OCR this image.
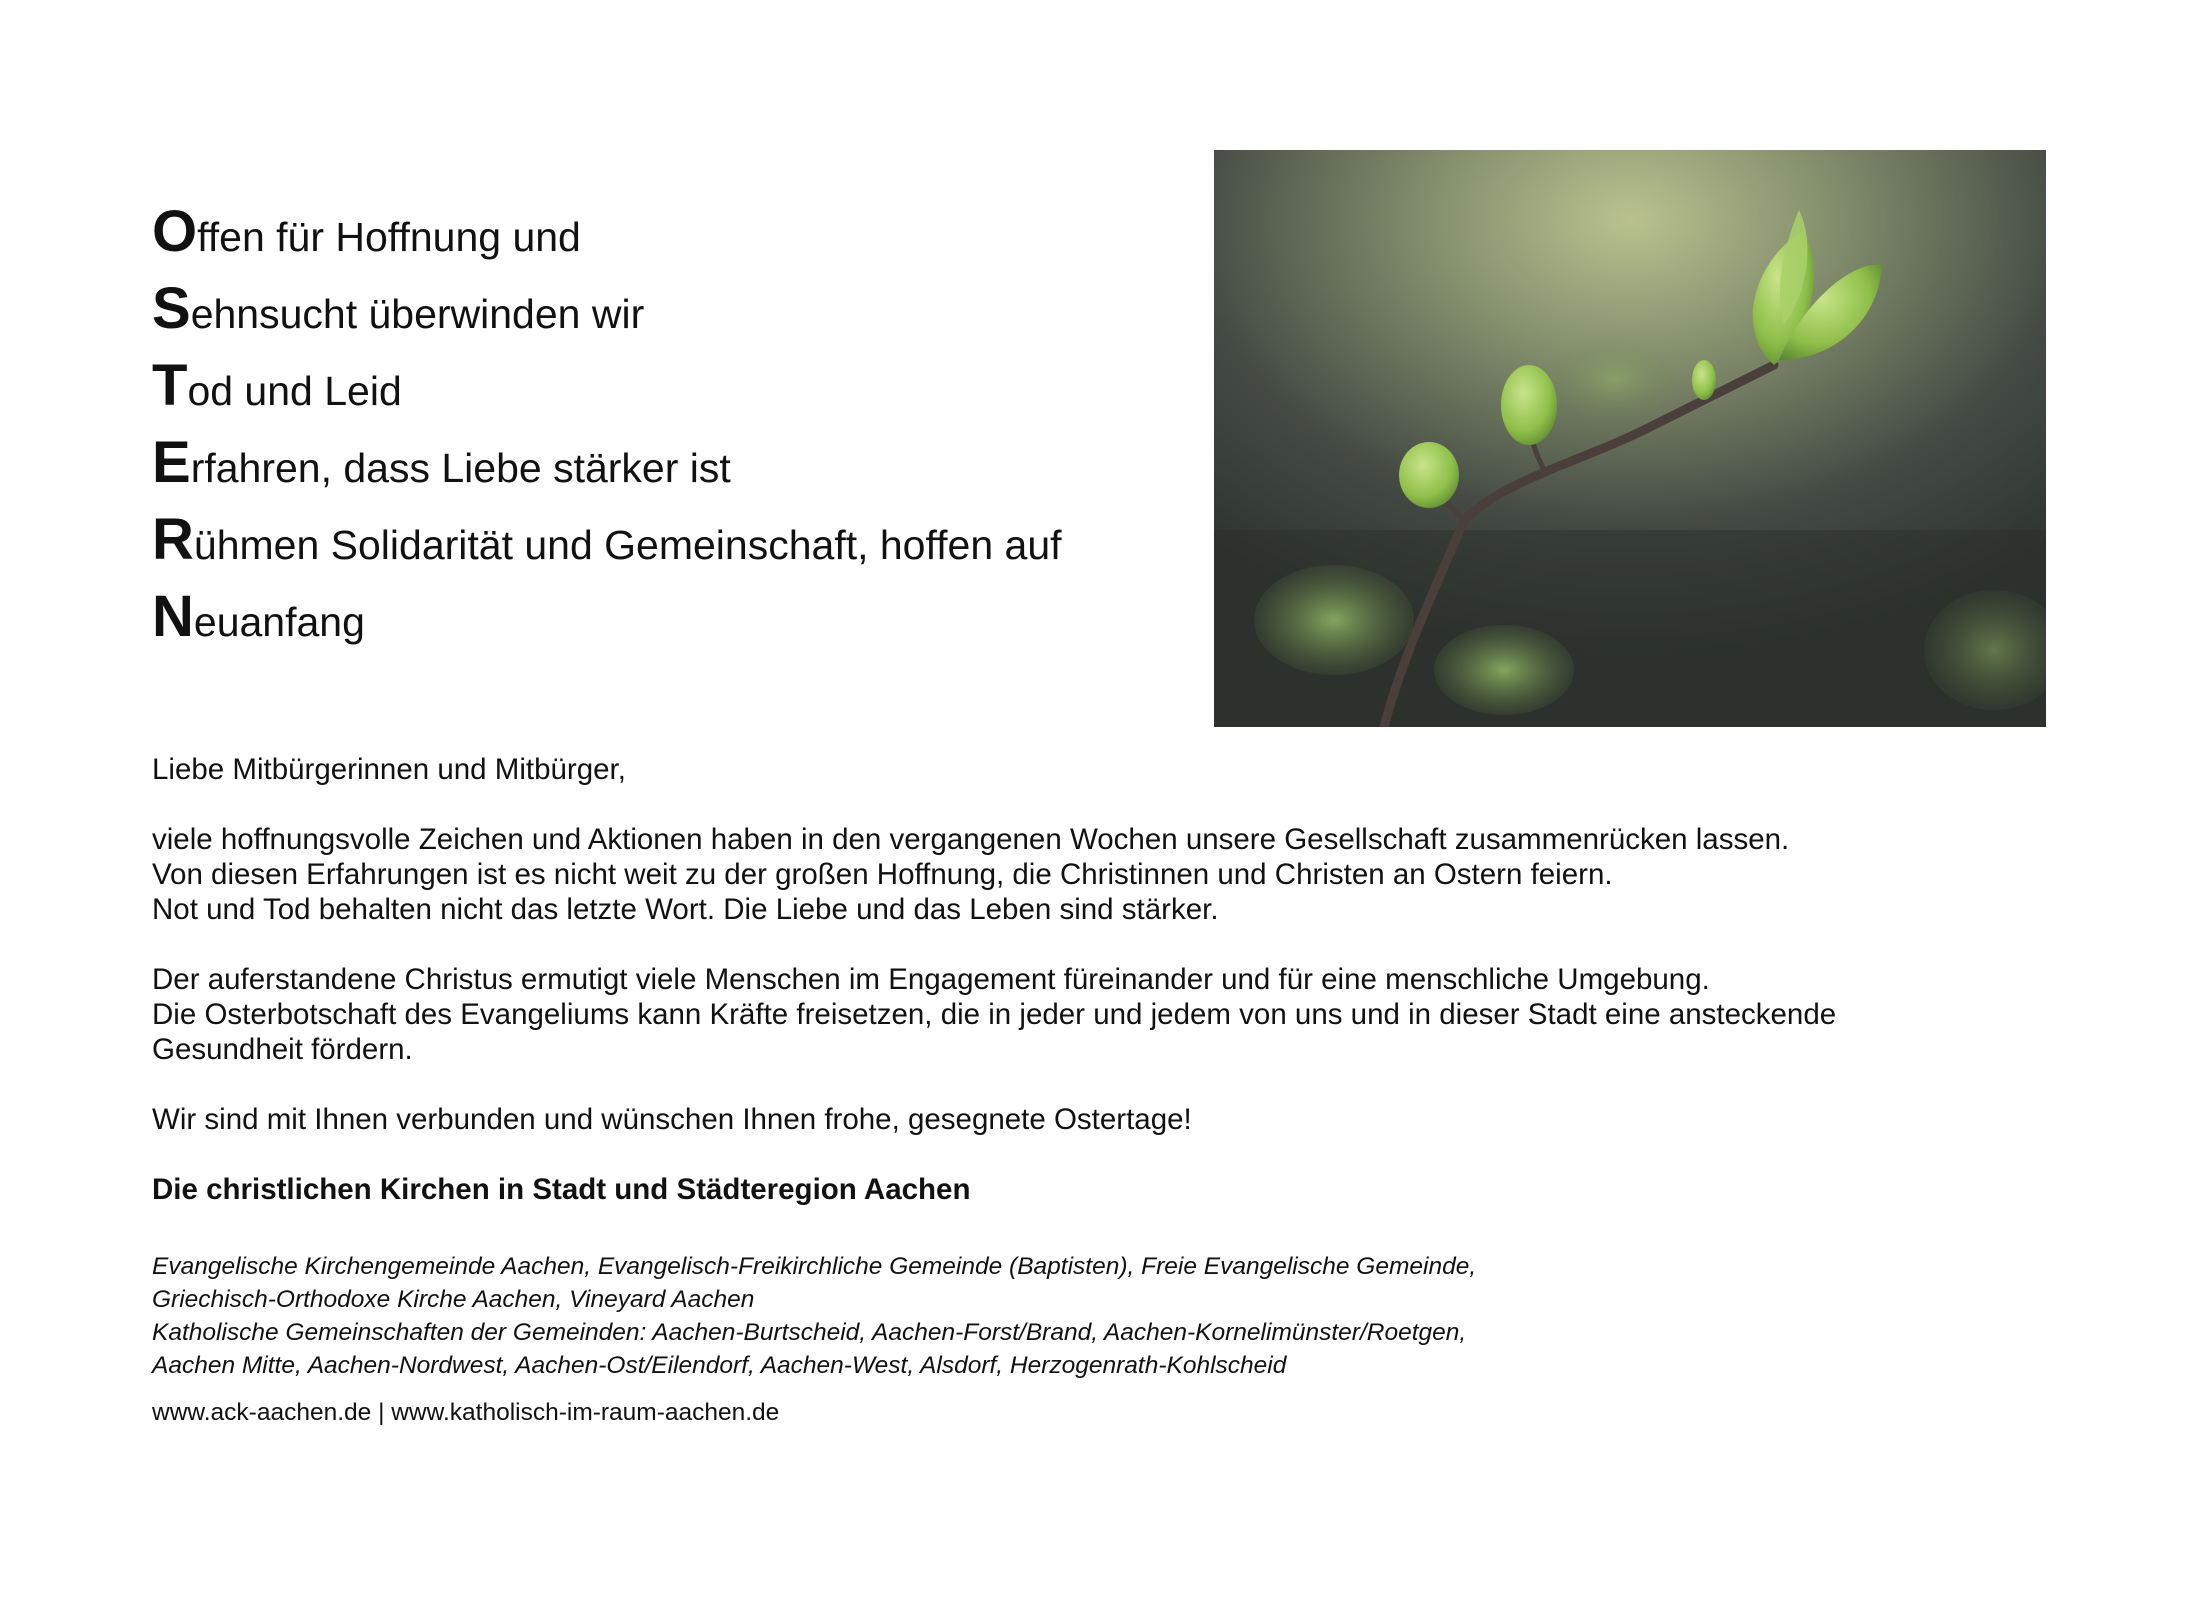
Offen für Hoffnung und
Sehnsucht überwinden wir
Tod und Leid
Erfahren, dass Liebe stärker ist
Rühmen Solidarität und Gemeinschaft, hoffen auf
Neuanfang

Liebe Mitbürgerinnen und Mitbürger,

viele hoffnungsvolle Zeichen und Aktionen haben in den vergangenen Wochen unsere Gesellschaft zusammenrücken lassen.

Von diesen Erfahrungen ist es nicht weit zu der großen Hoffnung, die Christinnen und Christen an Ostern feiern.

Not und Tod behalten nicht das letzte Wort. Die Liebe und das Leben sind stärker.

Der auferstandene Christus ermutigt viele Menschen im Engagement füreinander und für eine menschliche Umgebung.

Die Osterbotschaft des Evangeliums kann Kräfte freisetzen, die in jeder und jedem von uns und in dieser Stadt eine ansteckende

Gesundheit fördern.

Wir sind mit Ihnen verbunden und wünschen Ihnen frohe, gesegnete Ostertage!

Die christlichen Kirchen in Stadt und Städteregion Aachen

Evangelische Kirchengemeinde Aachen, Evangelisch-Freikirchliche Gemeinde (Baptisten), Freie Evangelische Gemeinde,

Griechisch-Orthodoxe Kirche Aachen, Vineyard Aachen

Katholische Gemeinschaften der Gemeinden: Aachen-Burtscheid, Aachen-Forst/Brand, Aachen-Kornelimünster/Roetgen,

Aachen Mitte, Aachen-Nordwest, Aachen-Ost/Eilendorf, Aachen-West, Alsdorf, Herzogenrath-Kohlscheid

www.ack-aachen.de | www.katholisch-im-raum-aachen.de
